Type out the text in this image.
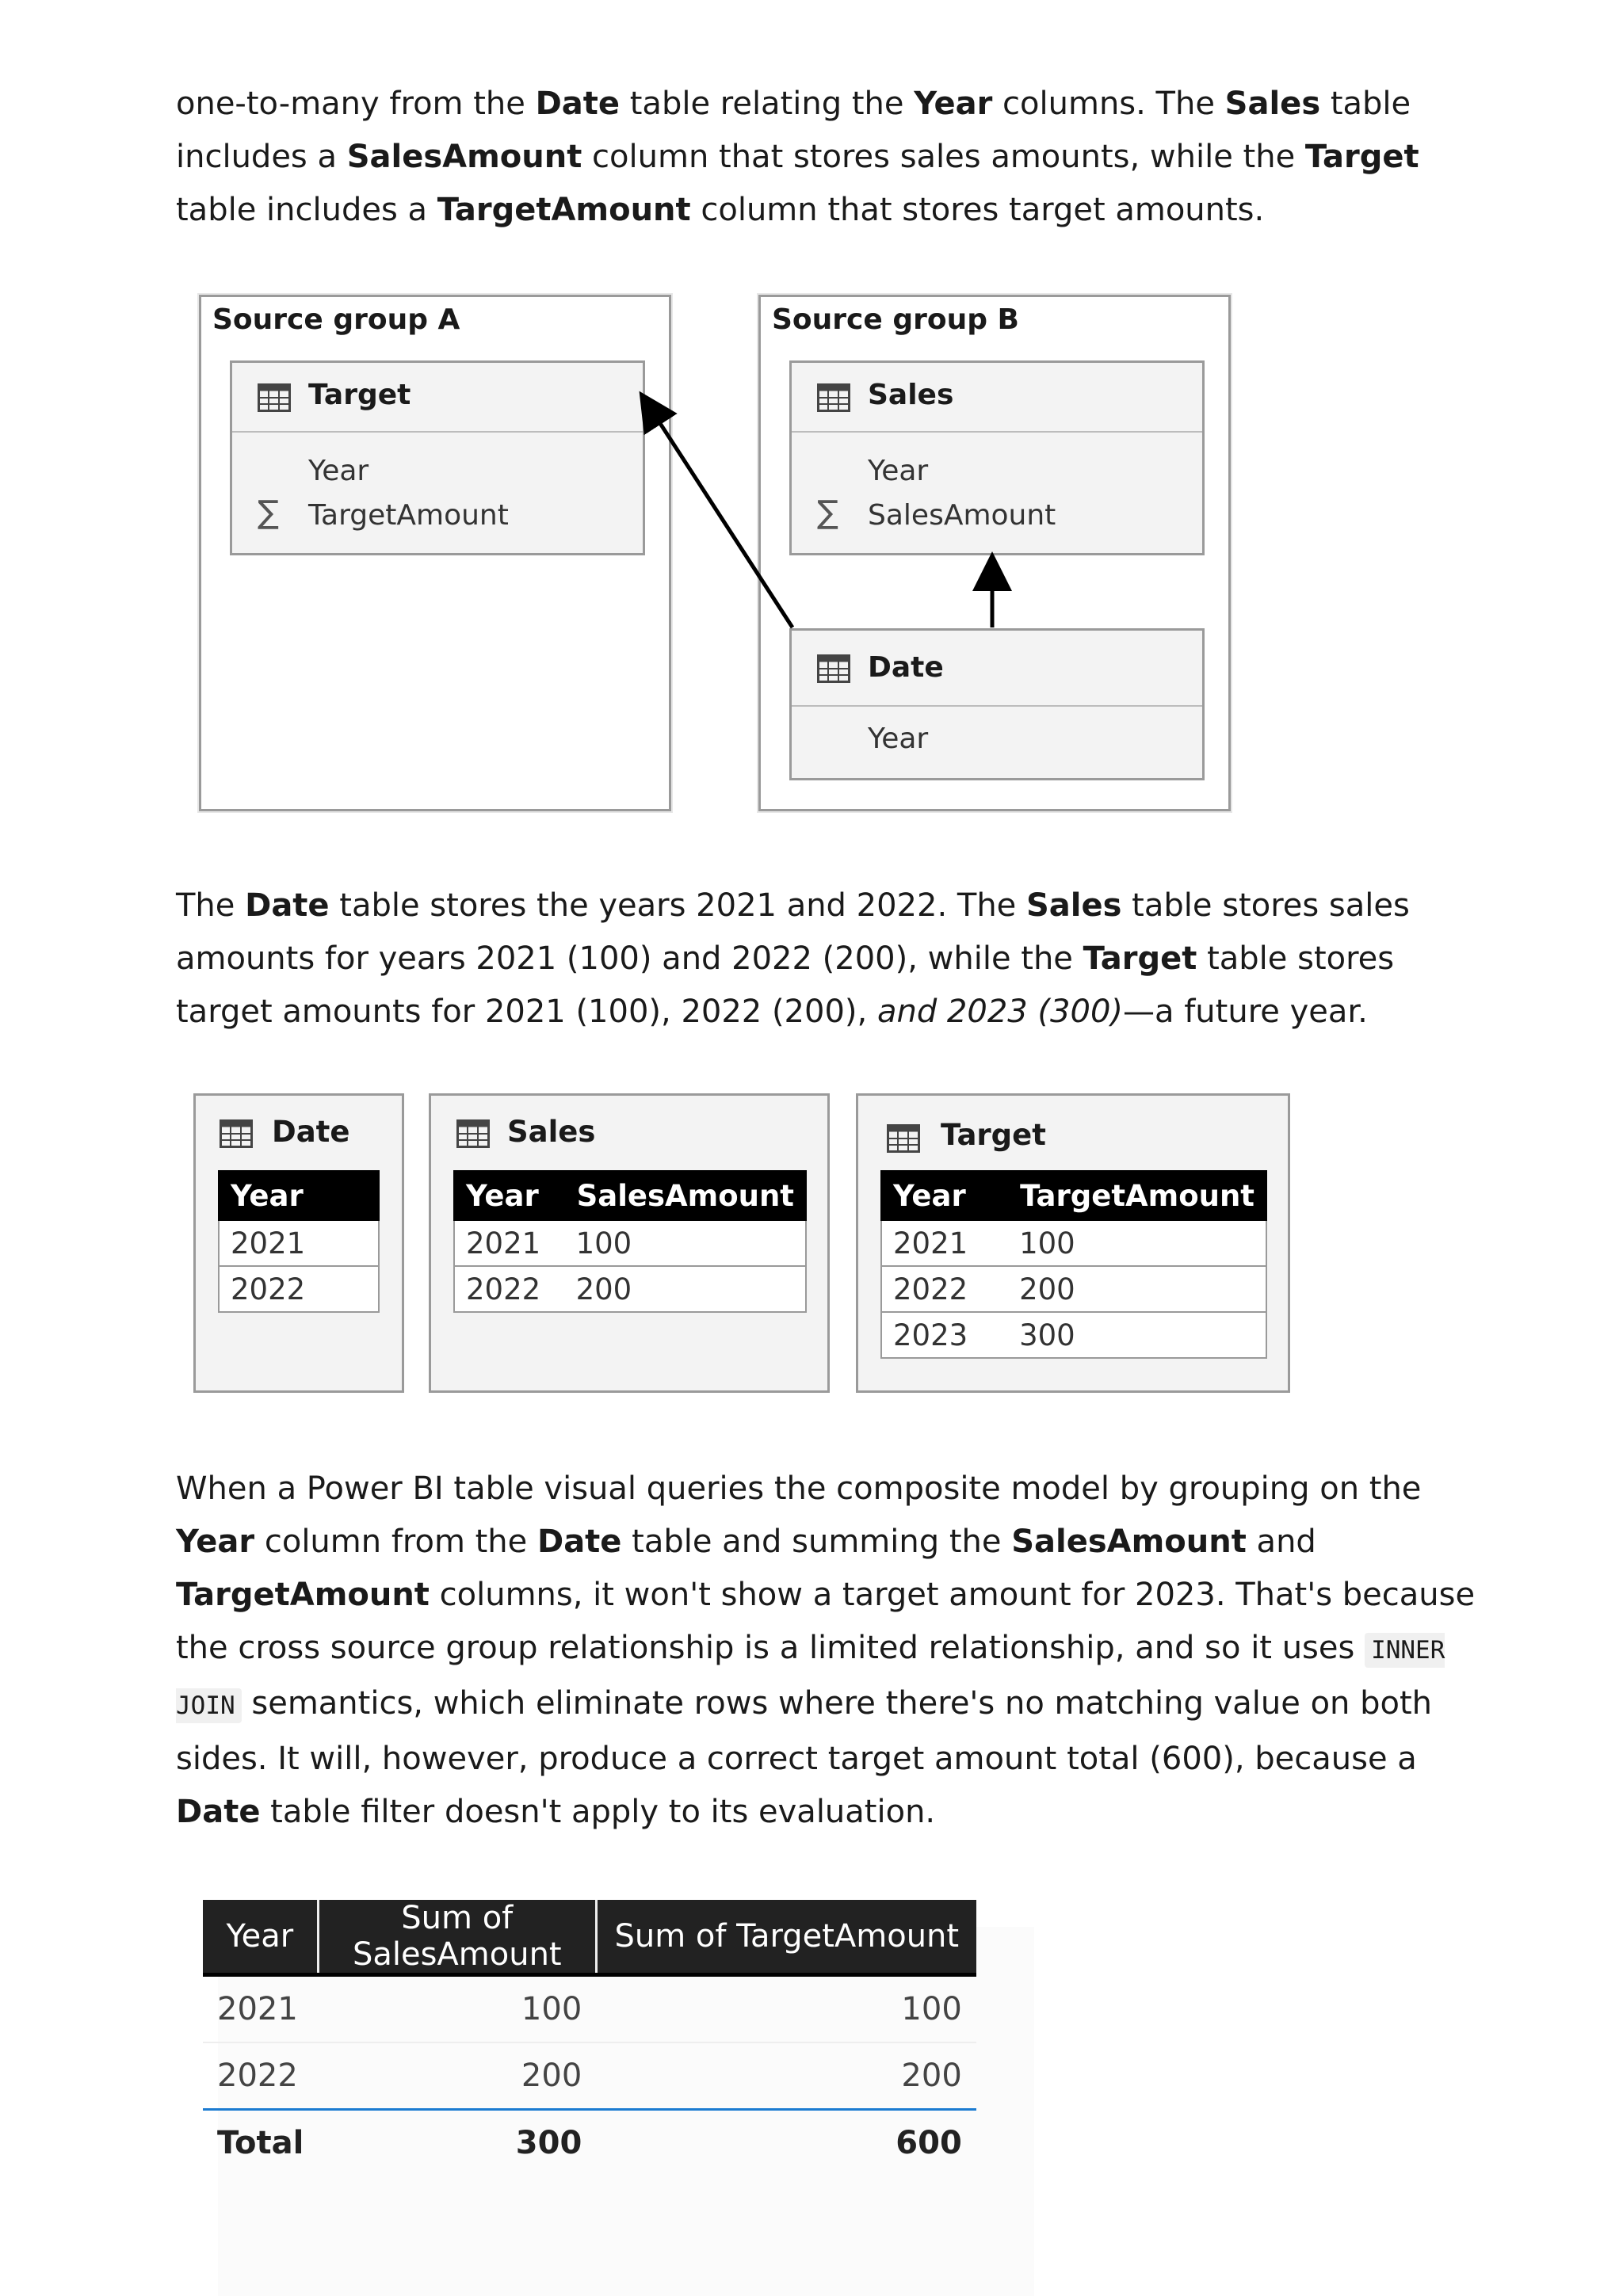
one-to-many from the Date table relating the Year columns. The Sales table includes a SalesAmount column that stores sales amounts, while the Target table includes a TargetAmount column that stores target amounts.

Source group A
Target
Year
∑ TargetAmount
Source group B
Sales
Year
∑ SalesAmount
Date
Year

The Date table stores the years 2021 and 2022. The Sales table stores sales amounts for years 2021 (100) and 2022 (200), while the Target table stores target amounts for 2021 (100), 2022 (200), and 2023 (300)—a future year.

Date
Year
2021
2022
Sales
Year	SalesAmount
2021	100
2022	200
Target
Year	TargetAmount
2021	100
2022	200
2023	300

When a Power BI table visual queries the composite model by grouping on the Year column from the Date table and summing the SalesAmount and TargetAmount columns, it won't show a target amount for 2023. That's because the cross source group relationship is a limited relationship, and so it uses INNER JOIN semantics, which eliminate rows where there's no matching value on both sides. It will, however, produce a correct target amount total (600), because a Date table filter doesn't apply to its evaluation.

Year	Sum of SalesAmount	Sum of TargetAmount
2021	100	100
2022	200	200
Total	300	600
